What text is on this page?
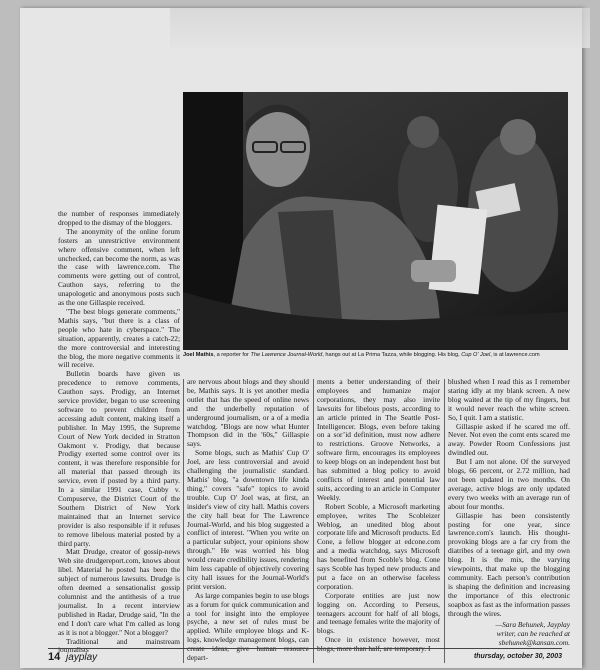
Joel Mathis, a reporter for The Lawrence Journal-World, hangs out at La Prima Tazza, while blogging. His blog, Cup O' Joel, is at lawrence.com

the number of responses immediately dropped to the dismay of the bloggers.

The anonymity of the online forum fosters an unrestrictive environment where offensive comment, when left unchecked, can become the norm, as was the case with lawrence.com. The comments were getting out of control, Cauthon says, referring to the unapologetic and anonymous posts such as the one Gillaspie received.

"The best blogs generate comments," Mathis says, "but there is a class of people who hate in cyberspace." The situation, apparently, creates a catch-22; the more controversial and interesting the blog, the more negative comments it will receive.

Bulletin boards have given us precedence to remove comments, Cauthon says. Prodigy, an Internet service provider, began to use screening software to prevent children from accessing adult content, making itself a publisher. In May 1995, the Supreme Court of New York decided in Stratton Oakmont v. Prodigy, that because Prodigy exerted some control over its content, it was therefore responsible for all material that passed through its service, even if posted by a third party. In a similar 1991 case, Cubby v. Compuserve, the District Court of the Southern District of New York maintained that an Internet service provider is also responsible if it refuses to remove libelous material posted by a third party.

Matt Drudge, creator of gossip-news Web site drudgereport.com, knows about libel. Material he posted has been the subject of numerous lawsuits. Drudge is often deemed a sensationalist gossip columnist and the antithesis of a true journalist. In a recent interview published in Radar, Drudge said, "In the end I don't care what I'm called as long as it is not a blogger." Not a blogger?

Traditional and mainstream journalists

are nervous about blogs and they should be, Mathis says. It is yet another media outlet that has the speed of online news and the underbelly reputation of underground journalism, or a of a media watchdog. "Blogs are now what Hunter Thompson did in the '60s," Gillaspie says.

Some blogs, such as Mathis' Cup O' Joel, are less controversial and avoid challenging the journalistic standard. Mathis' blog, "a downtown life kinda thing," covers "safe" topics to avoid trouble. Cup O' Joel was, at first, an insider's view of city hall. Mathis covers the city hall beat for The Lawrence Journal-World, and his blog suggested a conflict of interest. "When you write on a particular subject, your opinions show through." He was worried his blog would create credibility issues, rendering him less capable of objectively covering city hall issues for the Journal-World's print version.

As large companies begin to use blogs as a forum for quick communication and a tool for insight into the employee psyche, a new set of rules must be applied. While employee blogs and K-logs, knowledge management blogs, can create ideas, give human resource depart-

ments a better understanding of their employees and humanize major corporations, they may also invite lawsuits for libelous posts, according to an article printed in The Seattle Post-Intelligencer. Blogs, even before taking on a sor’id definition, must now adhere to restrictions. Groove Networks, a software firm, encourages its employees to keep blogs on an independent host but has submitted a blog policy to avoid conflicts of interest and potential law suits, according to an article in Computer Weekly.

Robert Scoble, a Microsoft marketing employee, writes The Scobleizer Weblog, an unedited blog about corporate life and Microsoft products. Ed Cone, a fellow blogger at edcone.com and a media watchdog, says Microsoft has benefited from Scoble's blog. Cone says Scoble has hyped new products and put a face on an otherwise faceless corporation.

Corporate entities are just now logging on. According to Perseus, teenagers account for half of all blogs, and teenage females write the majority of blogs.

Once in existence however, most blogs, more than half, are temporary. I

blushed when I read this as I remember staring idly at my blank screen. A new blog waited at the tip of my fingers, but it would never reach the white screen. So, I quit. I am a statistic.

Gillaspie asked if he scared me off. Never. Not even the comt ents scared me away. Powder Room Confessions just dwindled out.

But I am not alone. Of the surveyed blogs, 66 percent, or 2.72 million, had not been updated in two months. On average, active blogs are only updated every two weeks with an average run of about four months.

Gillaspie has been consistently posting for one year, since lawrence.com's launch. His thought-provoking blogs are a far cry from the diatribes of a teenage girl, and my own blog. It is the mix, the varying viewpoints, that make up the blogging community. Each person's contribution is shaping the definition and increasing the importance of this electronic soapbox as fast as the information passes through the wires.

—Sara Behunek, Jayplay
writer, can be reached at
sbehunek@kansan.com.
14 jayplay	thursday, october 30, 2003
